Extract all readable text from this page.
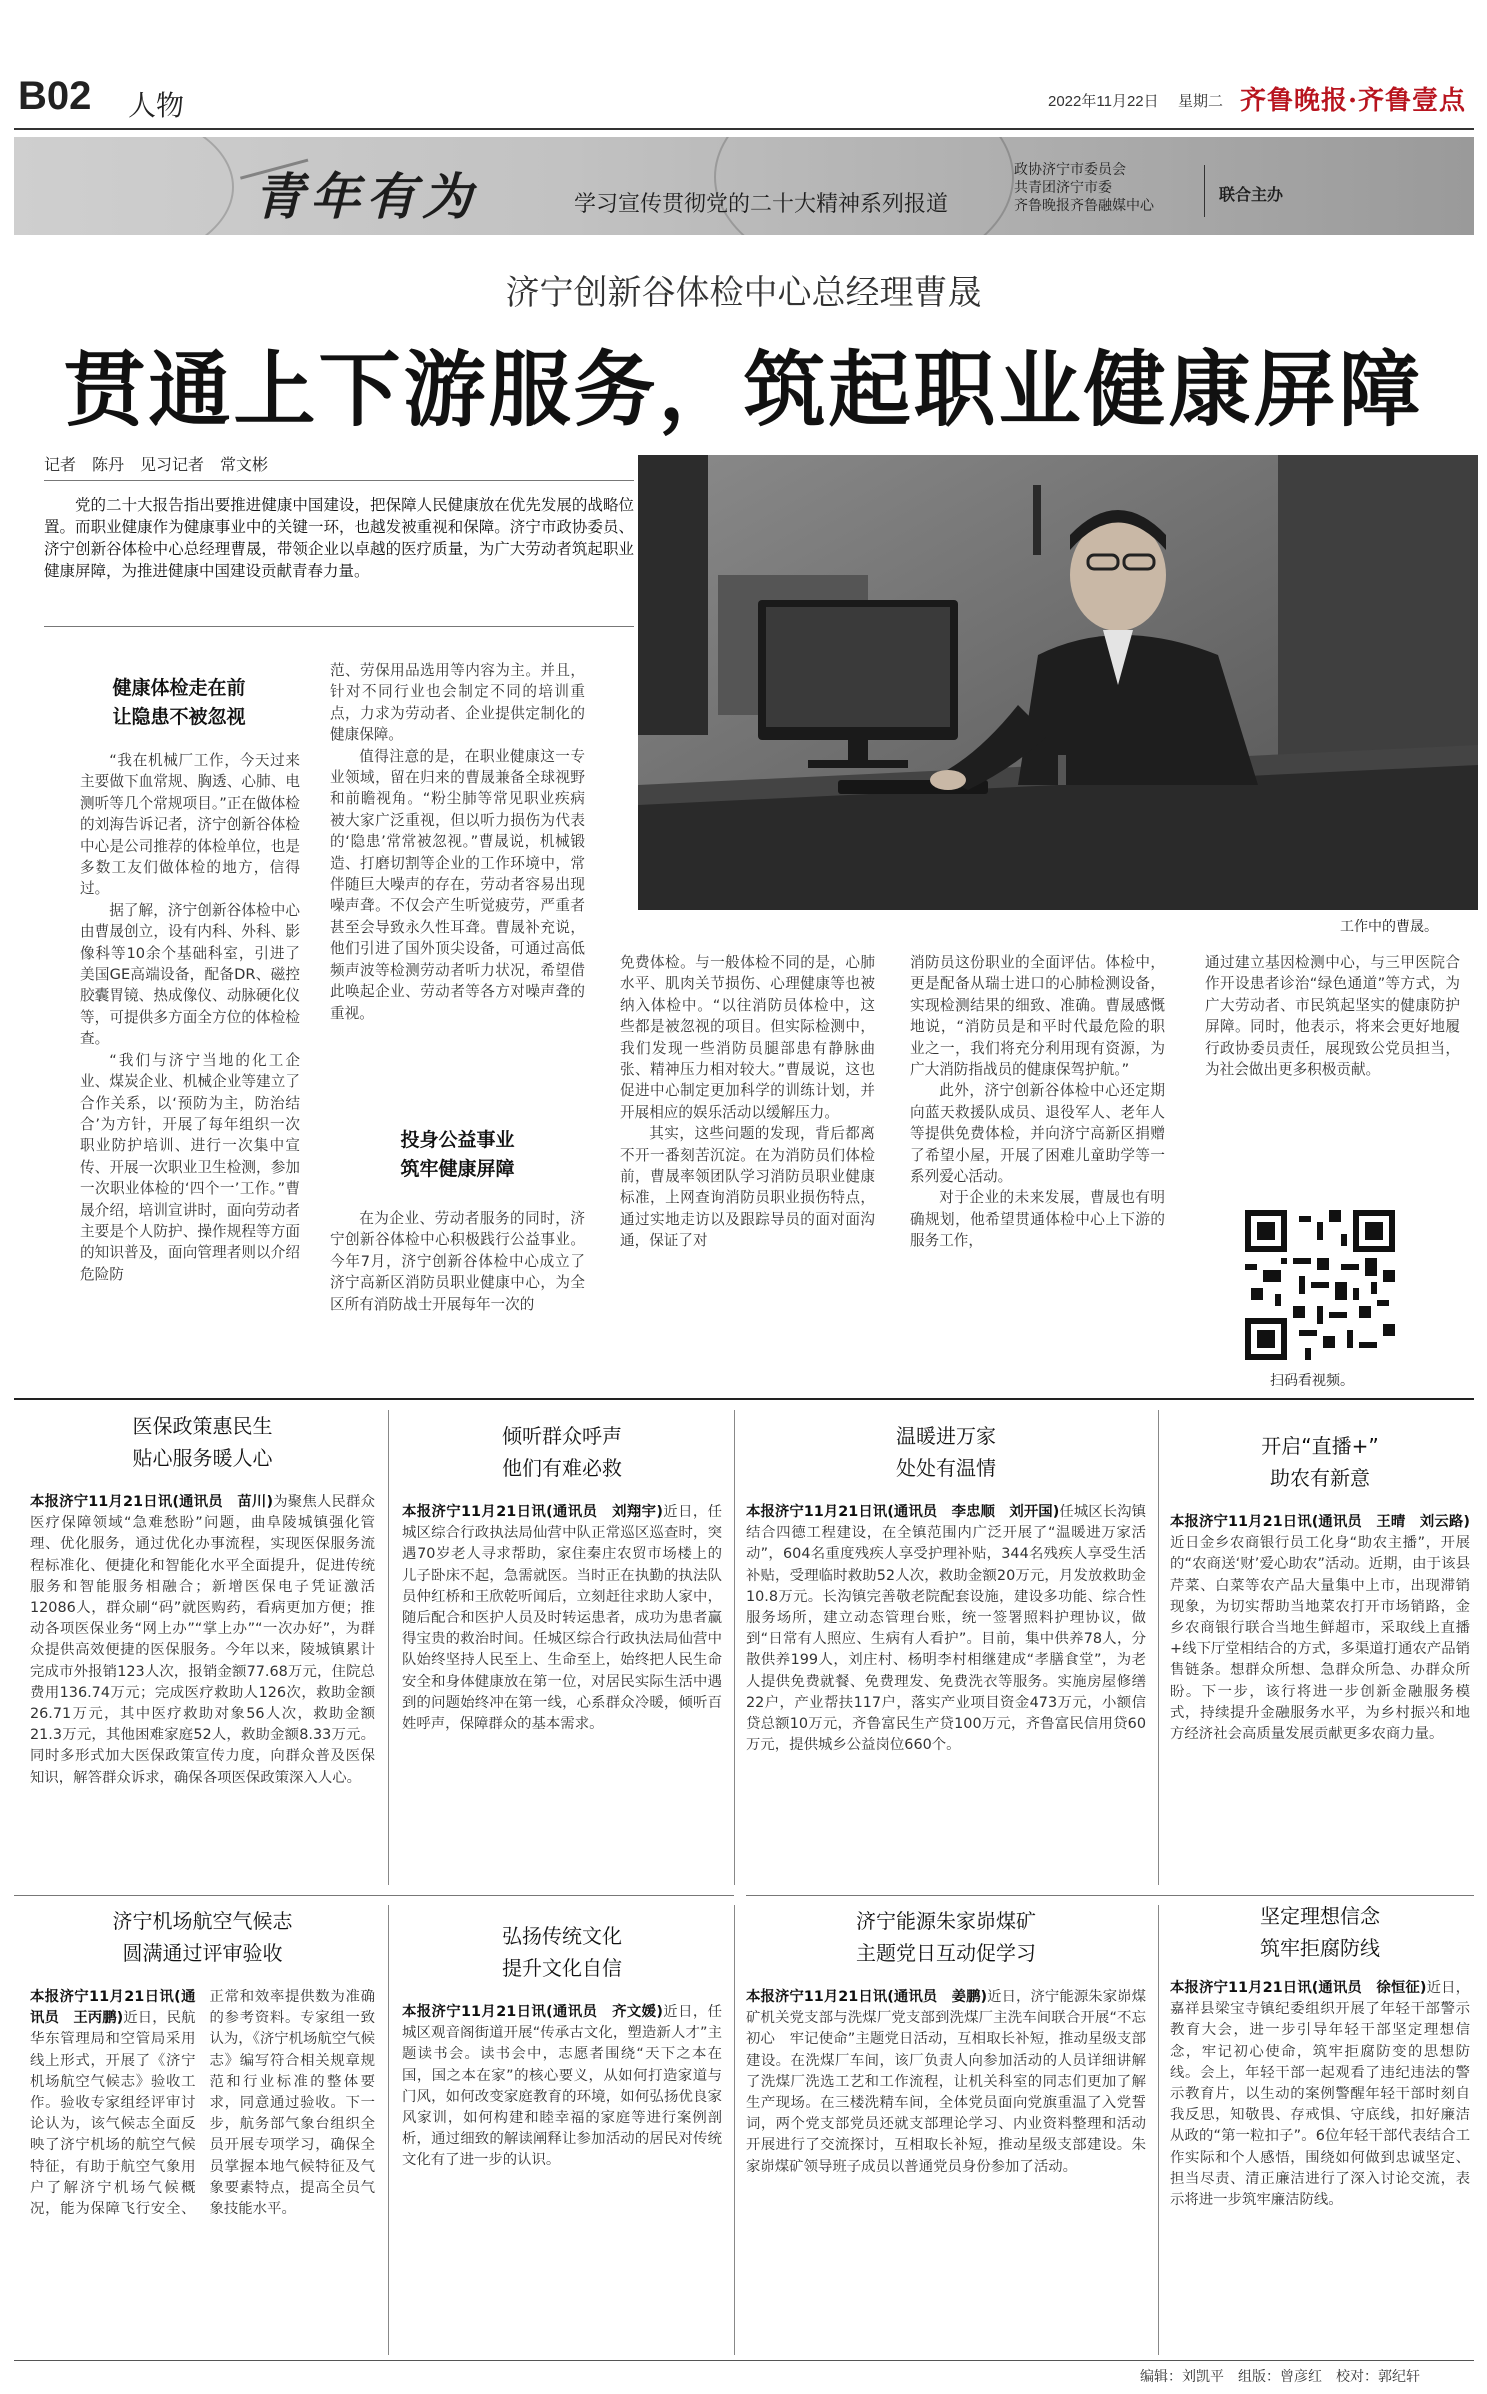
B02 人物	2022年11月22日 星期二 齐鲁晚报·齐鲁壹点
青年有为	学习宣传贯彻党的二十大精神系列报道
政协济宁市委员会
共青团济宁市委
齐鲁晚报齐鲁融媒中心
联合主办
济宁创新谷体检中心总经理曹晟
贯通上下游服务，筑起职业健康屏障
记者　陈丹　见习记者　常文彬
党的二十大报告指出要推进健康中国建设，把保障人民健康放在优先发展的战略位置。而职业健康作为健康事业中的关键一环，也越发被重视和保障。济宁市政协委员、济宁创新谷体检中心总经理曹晟，带领企业以卓越的医疗质量，为广大劳动者筑起职业健康屏障，为推进健康中国建设贡献青春力量。
工作中的曹晟。
健康体检走在前
让隐患不被忽视

“我在机械厂工作，今天过来主要做下血常规、胸透、心肺、电测听等几个常规项目。”正在做体检的刘海告诉记者，济宁创新谷体检中心是公司推荐的体检单位，也是多数工友们做体检的地方，信得过。

据了解，济宁创新谷体检中心由曹晟创立，设有内科、外科、影像科等10余个基础科室，引进了美国GE高端设备，配备DR、磁控胶囊胃镜、热成像仪、动脉硬化仪等，可提供多方面全方位的体检检查。

“我们与济宁当地的化工企业、煤炭企业、机械企业等建立了合作关系，以‘预防为主，防治结合’为方针，开展了每年组织一次职业防护培训、进行一次集中宣传、开展一次职业卫生检测，参加一次职业体检的‘四个一’工作。”曹晟介绍，培训宣讲时，面向劳动者主要是个人防护、操作规程等方面的知识普及，面向管理者则以介绍危险防

范、劳保用品选用等内容为主。并且，针对不同行业也会制定不同的培训重点，力求为劳动者、企业提供定制化的健康保障。

值得注意的是，在职业健康这一专业领域，留在归来的曹晟兼备全球视野和前瞻视角。“粉尘肺等常见职业疾病被大家广泛重视，但以听力损伤为代表的‘隐患’常常被忽视。”曹晟说，机械锻造、打磨切割等企业的工作环境中，常伴随巨大噪声的存在，劳动者容易出现噪声聋。不仅会产生听觉疲劳，严重者甚至会导致永久性耳聋。曹晟补充说，他们引进了国外顶尖设备，可通过高低频声波等检测劳动者听力状况，希望借此唤起企业、劳动者等各方对噪声聋的重视。

投身公益事业
筑牢健康屏障

在为企业、劳动者服务的同时，济宁创新谷体检中心积极践行公益事业。今年7月，济宁创新谷体检中心成立了济宁高新区消防员职业健康中心，为全区所有消防战士开展每年一次的

免费体检。与一般体检不同的是，心肺水平、肌肉关节损伤、心理健康等也被纳入体检中。“以往消防员体检中，这些都是被忽视的项目。但实际检测中，我们发现一些消防员腿部患有静脉曲张、精神压力相对较大。”曹晟说，这也促进中心制定更加科学的训练计划，并开展相应的娱乐活动以缓解压力。

其实，这些问题的发现，背后都离不开一番刻苦沉淀。在为消防员们体检前，曹晟率领团队学习消防员职业健康标准，上网查询消防员职业损伤特点，通过实地走访以及跟踪导员的面对面沟通，保证了对

消防员这份职业的全面评估。体检中，更是配备从瑞士进口的心肺检测设备，实现检测结果的细致、准确。曹晟感慨地说，“消防员是和平时代最危险的职业之一，我们将充分利用现有资源，为广大消防指战员的健康保驾护航。”

此外，济宁创新谷体检中心还定期向蓝天救援队成员、退役军人、老年人等提供免费体检，并向济宁高新区捐赠了希望小屋，开展了困难儿童助学等一系列爱心活动。

对于企业的未来发展，曹晟也有明确规划，他希望贯通体检中心上下游的服务工作，

通过建立基因检测中心，与三甲医院合作开设患者诊治“绿色通道”等方式，为广大劳动者、市民筑起坚实的健康防护屏障。同时，他表示，将来会更好地履行政协委员责任，展现致公党员担当，为社会做出更多积极贡献。

扫码看视频。
医保政策惠民生
贴心服务暖人心
本报济宁11月21日讯(通讯员　苗川)为聚焦人民群众医疗保障领域“急难愁盼”问题，曲阜陵城镇强化管理、优化服务，通过优化办事流程，实现医保服务流程标准化、便捷化和智能化水平全面提升，促进传统服务和智能服务相融合；新增医保电子凭证激活12086人，群众刷“码”就医购药，看病更加方便；推动各项医保业务“网上办”“掌上办”“一次办好”，为群众提供高效便捷的医保服务。今年以来，陵城镇累计完成市外报销123人次，报销金额77.68万元，住院总费用136.74万元；完成医疗救助人126次，救助金额26.71万元，其中医疗救助对象56人次，救助金额21.3万元，其他困难家庭52人，救助金额8.33万元。同时多形式加大医保政策宣传力度，向群众普及医保知识，解答群众诉求，确保各项医保政策深入人心。
倾听群众呼声
他们有难必救
本报济宁11月21日讯(通讯员　刘翔宇)近日，任城区综合行政执法局仙营中队正常巡区巡查时，突遇70岁老人寻求帮助，家住秦庄农贸市场楼上的儿子卧床不起，急需就医。当时正在执勤的执法队员仲红桥和王欣乾听闻后，立刻赶往求助人家中，随后配合和医护人员及时转运患者，成功为患者赢得宝贵的救治时间。任城区综合行政执法局仙营中队始终坚持人民至上、生命至上，始终把人民生命安全和身体健康放在第一位，对居民实际生活中遇到的问题始终冲在第一线，心系群众冷暖，倾听百姓呼声，保障群众的基本需求。
温暖进万家
处处有温情
本报济宁11月21日讯(通讯员　李忠顺　刘开国)任城区长沟镇结合四德工程建设，在全镇范围内广泛开展了“温暖进万家活动”，604名重度残疾人享受护理补贴，344名残疾人享受生活补贴，受理临时救助52人次，救助金额20万元，月发放救助金10.8万元。长沟镇完善敬老院配套设施，建设多功能、综合性服务场所，建立动态管理台账，统一签署照料护理协议，做到“日常有人照应、生病有人看护”。目前，集中供养78人，分散供养199人，刘庄村、杨明李村相继建成“孝膳食堂”，为老人提供免费就餐、免费理发、免费洗衣等服务。实施房屋修缮22户，产业帮扶117户，落实产业项目资金473万元，小额信贷总额10万元，齐鲁富民生产贷100万元，齐鲁富民信用贷60万元，提供城乡公益岗位660个。
开启“直播+”
助农有新意
本报济宁11月21日讯(通讯员　王晴　刘云路)近日金乡农商银行员工化身“助农主播”，开展的“农商送‘财’爱心助农”活动。近期，由于该县芹菜、白菜等农产品大量集中上市，出现滞销现象，为切实帮助当地菜农打开市场销路，金乡农商银行联合当地生鲜超市，采取线上直播+线下厅堂相结合的方式，多渠道打通农产品销售链条。想群众所想、急群众所急、办群众所盼。下一步，该行将进一步创新金融服务模式，持续提升金融服务水平，为乡村振兴和地方经济社会高质量发展贡献更多农商力量。
济宁机场航空气候志
圆满通过评审验收
本报济宁11月21日讯(通讯员　王丙鹏)近日，民航华东管理局和空管局采用线上形式，开展了《济宁机场航空气候志》验收工作。验收专家组经评审讨论认为，该气候志全面反映了济宁机场的航空气候特征，有助于航空气象用户了解济宁机场气候概况，能为保障飞行安全、正常和效率提供数为准确的参考资料。专家组一致认为，《济宁机场航空气候志》编写符合相关规章规范和行业标准的整体要求，同意通过验收。下一步，航务部气象台组织全员开展专项学习，确保全员掌握本地气候特征及气象要素特点，提高全员气象技能水平。
弘扬传统文化
提升文化自信
本报济宁11月21日讯(通讯员　齐文媛)近日，任城区观音阁街道开展“传承古文化，塑造新人才”主题读书会。读书会中，志愿者围绕“天下之本在国，国之本在家”的核心要义，从如何打造家道与门风，如何改变家庭教育的环境，如何弘扬优良家风家训，如何构建和睦幸福的家庭等进行案例剖析，通过细致的解读阐释让参加活动的居民对传统文化有了进一步的认识。
济宁能源朱家峁煤矿
主题党日互动促学习
本报济宁11月21日讯(通讯员　姜鹏)近日，济宁能源朱家峁煤矿机关党支部与洗煤厂党支部到洗煤厂主洗车间联合开展“不忘初心　牢记使命”主题党日活动，互相取长补短，推动星级支部建设。在洗煤厂车间，该厂负责人向参加活动的人员详细讲解了洗煤厂洗选工艺和工作流程，让机关科室的同志们更加了解生产现场。在三楼洗精车间，全体党员面向党旗重温了入党誓词，两个党支部党员还就支部理论学习、内业资料整理和活动开展进行了交流探讨，互相取长补短，推动星级支部建设。朱家峁煤矿领导班子成员以普通党员身份参加了活动。
坚定理想信念
筑牢拒腐防线
本报济宁11月21日讯(通讯员　徐恒征)近日，嘉祥县梁宝寺镇纪委组织开展了年轻干部警示教育大会，进一步引导年轻干部坚定理想信念，牢记初心使命，筑牢拒腐防变的思想防线。会上，年轻干部一起观看了违纪违法的警示教育片，以生动的案例警醒年轻干部时刻自我反思，知敬畏、存戒惧、守底线，扣好廉洁从政的“第一粒扣子”。6位年轻干部代表结合工作实际和个人感悟，围绕如何做到忠诚坚定、担当尽责、清正廉洁进行了深入讨论交流，表示将进一步筑牢廉洁防线。
编辑：刘凯平　组版：曾彦红　校对：郭纪轩
